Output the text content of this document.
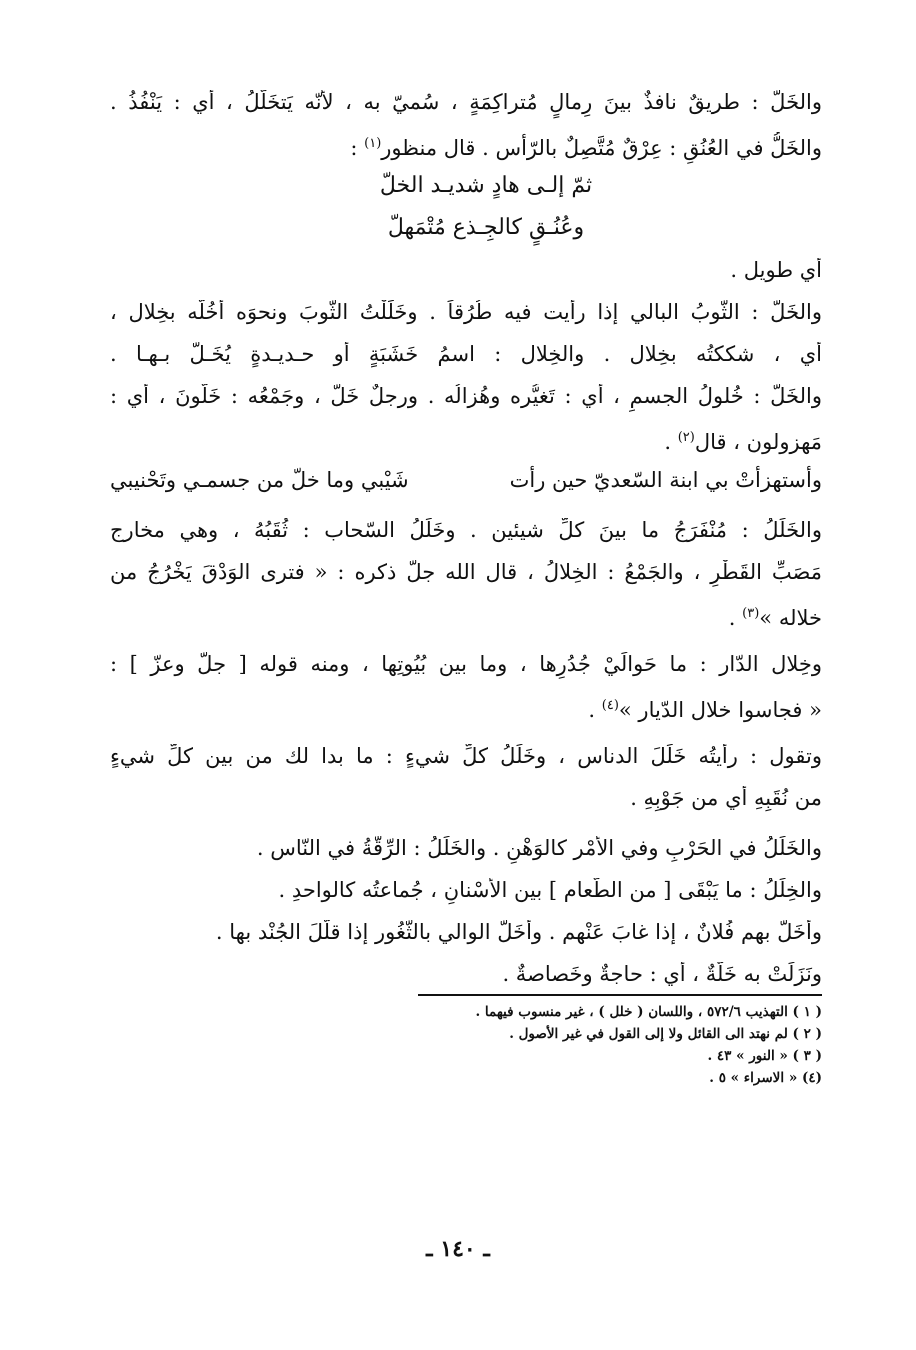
والخَلُّ : طريقٌ نافذٌ بينَ رِمالٍ مُتراكِمَةٍ ، سُميّ به ، لأنّه يَتخَلَّلُ ، أي : يَنْفُذُ .
والخَلُّ في العُنُقِ : عِرْقٌ مُتَّصِلٌ بالرّأس . قال منظور$^{(١)}$ :
ثمّ إلـى هادٍ شديـد الخلّ
وعُنُـقٍ كالجِـذع مُتْمَهلّ
أي طويل .
والخَلُّ : الثّوبُ البالي إذا رأيت فيه طُرُقاً . وخَلَلْتُ الثّوبَ ونحوَه أخُلُّه بخِلال ،
أي ، شككتُه بخِلال . والخِلال : اسمُ خَشَبَةٍ أو حـديـدةٍ يُخَـلُّ بـهـا .
والخَلُّ : خُلولُ الجسمِ ، أي : تَغيُّره وهُزالُه . ورجلٌ خَلٌّ ، وجَمْعُه : خَلّونَ ، أي :
مَهزولون ، قال$^{(٢)}$ .
وأستهزأتْ بي ابنة السّعديّ حين رأت
شَيْبي وما خلّ من جسمـي وتَحْنيبي
والخَلَلُ : مُنْفَرَجُ ما بينَ كلِّ شيئين . وخَلَلُ السّحاب : ثُقَبُهُ ، وهي مخارج
مَصَبِّ القَطْرِ ، والجَمْعُ : الخِلالُ ، قال الله جلّ ذكره : « فترى الوَدْقَ يَخْرُجُ من
خلاله »$^{(٣)}$ .
وخِلال الدّار : ما حَوالَيْ جُدُرِها ، وما بين بُيُوتِها ، ومنه قوله [ جلّ وعزّ ] :
« فجاسوا خلال الدّيار »$^{(٤)}$ .
وتقول : رأيتُه خَلَلَ الدناس ، وخَلَلُ كلِّ شيءٍ : ما بدا لك من بين كلِّ شيءٍ
من نُقَبِهِ أي من جَوْبِهِ .
والخَلَلُ في الحَرْبِ وفي الأمْر كالوَهْنِ . والخَلَلُ : الرِّقَّةُ في النّاس .
والخِلَلُ : ما يَبْقَى [ من الطّعام ] بين الأسْنانِ ، جُماعتُه كالواحدِ .
وأخَلَّ بهم فُلانٌ ، إذا غابَ عَنْهم . وأخَلَّ الوالي بالثُّغُور إذا قلَّلَ الجُنْد بها .
ونَزَلَتْ به خَلَّةٌ ، أي : حاجةٌ وخَصاصةٌ .
( ١ ) التهذيب ٥٧٢/٦ ، واللسان ( خلل ) ، غير منسوب فيهما .
( ٢ ) لم نهتد الى القائل ولا إلى القول في غير الأصول .
( ٣ ) « النور » ٤٣ .
(٤) « الاسراء » ٥ .
ـ ١٤٠ ـ
